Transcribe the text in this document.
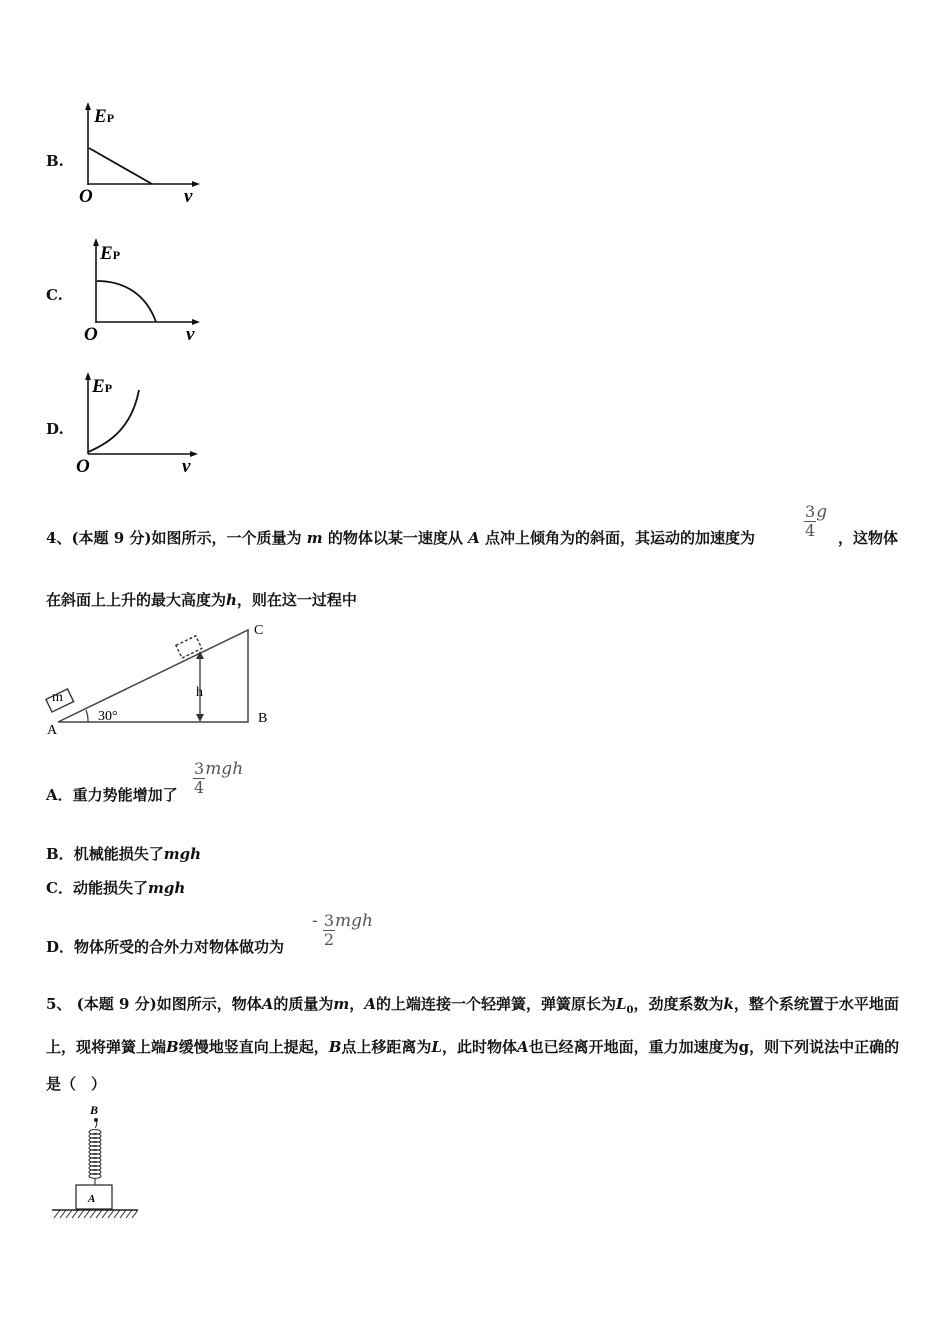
B.
EP
O	v
C.
EP
O	v
D.
EP
O	v
4、(本题 9 分)如图所示，一个质量为 m 的物体以某一速度从 A 点冲上倾角为的斜面，其运动的加速度为	$\frac{3}{4}$ g
，这物体
在斜面上上升的最大高度为h，则在这一过程中
m
A
B
C
h
30°
A．重力势能增加了 $\frac{3}{4}$ mgh
B．机械能损失了mgh
C．动能损失了mgh
D．物体所受的合外力对物体做功为
- $\frac{3}{2}$ mgh
5、 (本题 9 分)如图所示，物体A的质量为m，A的上端连接一个轻弹簧，弹簧原长为$L_0$，劲度系数为k，整个系统置于水平地面上，现将弹簧上端B缓慢地竖直向上提起，B点上移距离为L，此时物体A也已经离开地面，重力加速度为g，则下列说法中正确的是（　）
B
A
